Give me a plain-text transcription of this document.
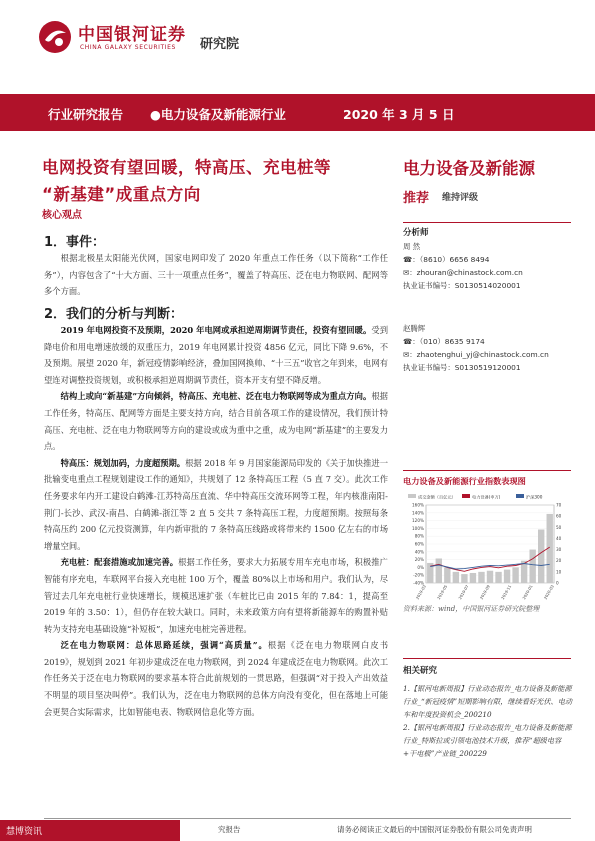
中国银河证券
CHINA GALAXY SECURITIES 研究院
行业研究报告 ●电力设备及新能源行业	2020 年 3 月 5 日
电网投资有望回暖，特高压、充电桩等
“新基建”成重点方向
电力设备及新能源
推荐 维持评级
核心观点
1．事件：

根据北极星太阳能光伏网，国家电网印发了 2020 年重点工作任务（以下简称“工作任务”），内容包含了“十大方面、三十一项重点任务”，覆盖了特高压、泛在电力物联网、配网等多个方面。

2．我们的分析与判断：

2019 年电网投资不及预期，2020 年电网或承担逆周期调节责任，投资有望回暖。受到降电价和用电增速放缓的双重压力，2019 年电网累计投资 4856 亿元，同比下降 9.6%，不及预期。展望 2020 年，新冠疫情影响经济，叠加国网换帅、“十三五”收官之年到来，电网有望连对调整投资规划，或积极承担逆周期调节责任，资本开支有望不降反增。

结构上或向“新基建”方向倾斜，特高压、充电桩、泛在电力物联网等成为重点方向。根据工作任务，特高压、配网等方面是主要支持方向，结合目前各项工作的建设情况，我们预计特高压、充电桩、泛在电力物联网等方向的建设或成为重中之重，成为电网“新基建”的主要发力点。

特高压：规划加码，力度超预期。根据 2018 年 9 月国家能源局印发的《关于加快推进一批输变电重点工程规划建设工作的通知》，共规划了 12 条特高压工程（5 直 7 交）。此次工作任务要求年内开工建设白鹤滩-江苏特高压直流、华中特高压交流环网等工程，年内核准南阳-荆门-长沙、武汉-南昌、白鹤滩-浙江等 2 直 5 交共 7 条特高压工程，力度超预期。按照每条特高压约 200 亿元投资测算，年内新审批的 7 条特高压线路或将带来约 1500 亿左右的市场增量空间。

充电桩：配套措施或加速完善。根据工作任务，要求大力拓展专用车充电市场，积极推广智能有序充电，车联网平台接入充电桩 100 万个，覆盖 80%以上市场和用户。我们认为，尽管过去几年充电桩行业快速增长，规模迅速扩张（车桩比已由 2015 年的 7.84：1，提高至 2019 年的 3.50：1），但仍存在较大缺口。同时，未来政策方向有望将新能源车的购置补贴转为支持充电基础设施“补短板”，加速充电桩完善进程。

泛在电力物联网：总体思路延续，强调“高质量”。根据《泛在电力物联网白皮书 2019》，规划到 2021 年初步建成泛在电力物联网，到 2024 年建成泛在电力物联网。此次工作任务关于泛在电力物联网的要求基本符合此前规划的一贯思路，但强调“对于投入产出效益不明显的项目坚决叫停”。我们认为，泛在电力物联网的总体方向没有变化，但在落地上可能会更契合实际需求，比如智能电表、物联网信息化等方面。

分析师
周 然
☎：（8610）6656 8494
✉：zhouran@chinastock.com.cn
执业证书编号：S0130514020001
赵腾辉
☎：（010）8635 9174
✉：zhaotenghui_yj@chinastock.com.cn
执业证书编号：S0130519120001
电力设备及新能源行业指数表现图
成交金额（百亿元）	电力设备(申万)	沪深300
160%
140%
120%
100%
80%
60%
40%
20%
0%
-20%
-40%
70
60
50
40
30
20
10
0
2019-03 2019-05 2019-07 2019-09 2019-11 2020-01 2020-03
资料来源：wind，中国银河证券研究院整理
相关研究

1.【银河电新周报】行业动态报告_电力设备及新能源行业_“新冠疫情”短期影响有限，继续看好光伏、电动车和年度投资机会_200210

2.【银河电新周报】行业动态报告_电力设备及新能源行业_特斯拉或引领电池技术升级，推荐“超级电容+干电极”产业链_200229

究报告	请务必阅读正文最后的中国银河证券股份有限公司免责声明
慧博资讯
